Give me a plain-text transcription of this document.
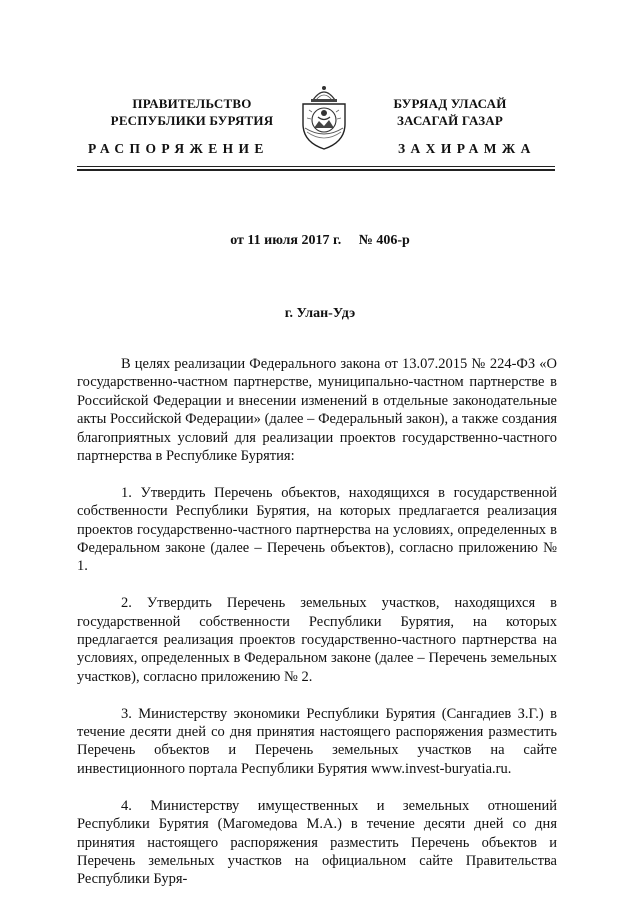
ПРАВИТЕЛЬСТВО
РЕСПУБЛИКИ БУРЯТИЯ
БУРЯАД УЛАСАЙ
ЗАСАГАЙ ГАЗАР
РАСПОРЯЖЕНИЕ	ЗАХИРАМЖА
от 11 июля 2017 г. № 406-р
г. Улан-Удэ

В целях реализации Федерального закона от 13.07.2015 № 224-ФЗ «О государственно-частном партнерстве, муниципально-частном партнерстве в Российской Федерации и внесении изменений в отдельные законодательные акты Российской Федерации» (далее – Федеральный закон), а также создания благоприятных условий для реализации проектов государственно-частного партнерства в Республике Бурятия:

1. Утвердить Перечень объектов, находящихся в государственной собственности Республики Бурятия, на которых предлагается реализация проектов государственно-частного партнерства на условиях, определенных в Федеральном законе (далее – Перечень объектов), согласно приложению № 1.

2. Утвердить Перечень земельных участков, находящихся в государственной собственности Республики Бурятия, на которых предлагается реализация проектов государственно-частного партнерства на условиях, определенных в Федеральном законе (далее – Перечень земельных участков), согласно приложению № 2.

3. Министерству экономики Республики Бурятия (Сангадиев З.Г.) в течение десяти дней со дня принятия настоящего распоряжения разместить Перечень объектов и Перечень земельных участков на сайте инвестиционного портала Республики Бурятия www.invest-buryatia.ru.

4. Министерству имущественных и земельных отношений Республики Бурятия (Магомедова М.А.) в течение десяти дней со дня принятия настоящего распоряжения разместить Перечень объектов и Перечень земельных участков на официальном сайте Правительства Республики Буря-
